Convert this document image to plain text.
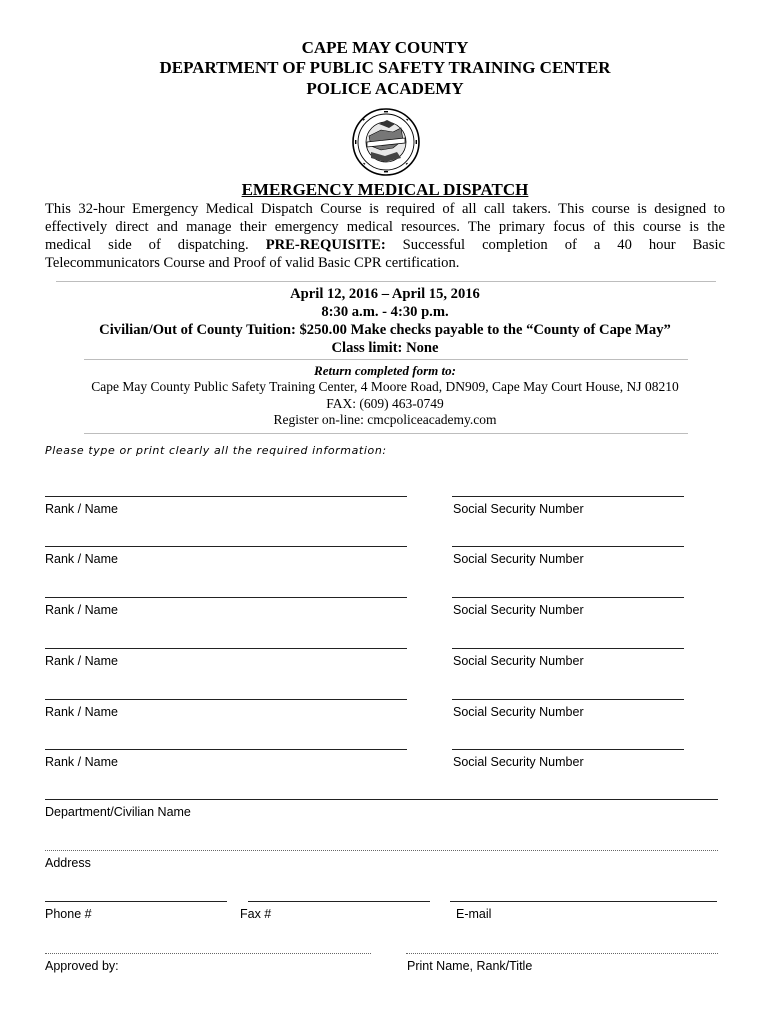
CAPE MAY COUNTY
DEPARTMENT OF PUBLIC SAFETY TRAINING CENTER
POLICE ACADEMY
EMERGENCY MEDICAL DISPATCH
This 32-hour Emergency Medical Dispatch Course is required of all call takers. This course is designed to
effectively direct and manage their emergency medical resources. The primary focus of this course is the
medical side of dispatching. PRE-REQUISITE: Successful completion of a 40 hour Basic
Telecommunicators Course and Proof of valid Basic CPR certification.
April 12, 2016 – April 15, 2016
8:30 a.m. - 4:30 p.m.
Civilian/Out of County Tuition: $250.00 Make checks payable to the “County of Cape May”
Class limit: None
Return completed form to:
Cape May County Public Safety Training Center, 4 Moore Road, DN909, Cape May Court House, NJ 08210
FAX: (609) 463-0749
Register on-line: cmcpoliceacademy.com
Please type or print clearly all the required information:
Rank / Name	Social Security Number
Rank / Name	Social Security Number
Rank / Name	Social Security Number
Rank / Name	Social Security Number
Rank / Name	Social Security Number
Rank / Name	Social Security Number
Department/Civilian Name
Address
Phone #	Fax #	E-mail
Approved by:	Print Name, Rank/Title
